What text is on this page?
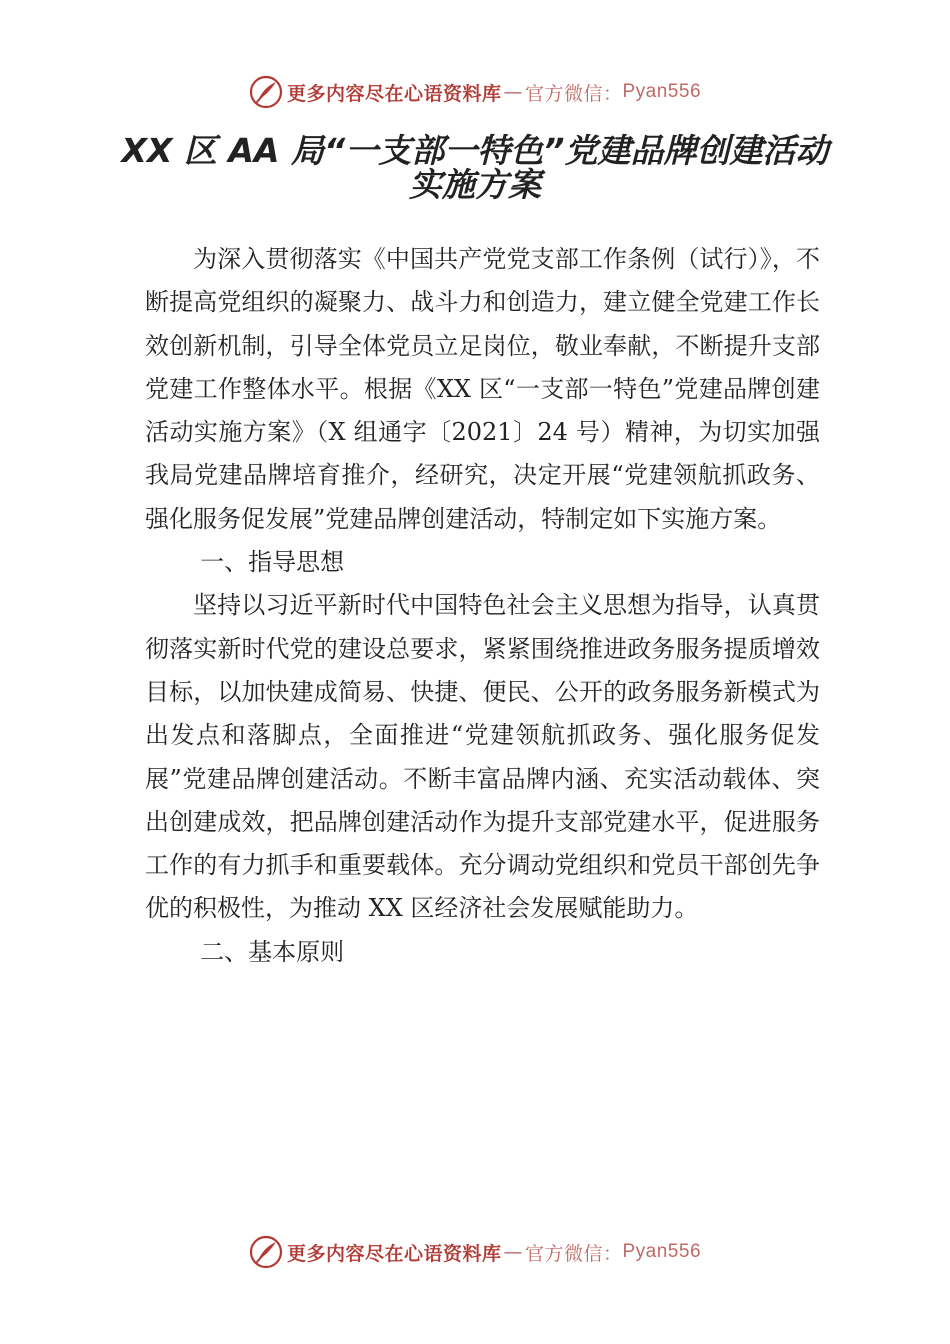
更多内容尽在心语资料库 — 官方微信： Pyan556
XX 区 AA 局“一支部一特色”党建品牌创建活动实施方案

为深入贯彻落实《中国共产党党支部工作条例（试行）》，不断提高党组织的凝聚力、战斗力和创造力，建立健全党建工作长效创新机制，引导全体党员立足岗位，敬业奉献，不断提升支部党建工作整体水平。根据《XX 区“一支部一特色”党建品牌创建活动实施方案》（X 组通字〔2021〕24 号）精神，为切实加强我局党建品牌培育推介，经研究，决定开展“党建领航抓政务、强化服务促发展”党建品牌创建活动，特制定如下实施方案。

一、指导思想

坚持以习近平新时代中国特色社会主义思想为指导，认真贯彻落实新时代党的建设总要求，紧紧围绕推进政务服务提质增效目标，以加快建成简易、快捷、便民、公开的政务服务新模式为出发点和落脚点，全面推进“党建领航抓政务、强化服务促发展”党建品牌创建活动。不断丰富品牌内涵、充实活动载体、突出创建成效，把品牌创建活动作为提升支部党建水平，促进服务工作的有力抓手和重要载体。充分调动党组织和党员干部创先争优的积极性，为推动 XX 区经济社会发展赋能助力。

二、基本原则

更多内容尽在心语资料库 — 官方微信： Pyan556
